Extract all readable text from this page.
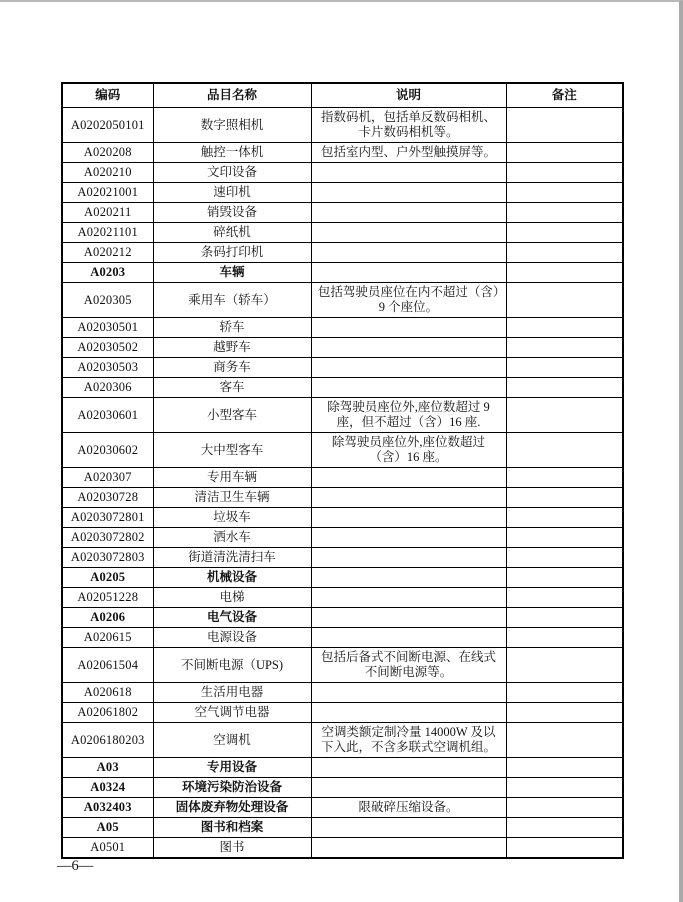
编码	品目名称	说明	备注
A0202050101	数字照相机	指数码机，包括单反数码相机、卡片数码相机等。	
A020208	触控一体机	包括室内型、户外型触摸屏等。	
A020210	文印设备		
A02021001	速印机		
A020211	销毁设备		
A02021101	碎纸机		
A020212	条码打印机		
A0203	车辆		
A020305	乘用车（轿车）	包括驾驶员座位在内不超过（含）9 个座位。	
A02030501	轿车		
A02030502	越野车		
A02030503	商务车		
A020306	客车		
A02030601	小型客车	除驾驶员座位外,座位数超过 9 座，但不超过（含）16 座.	
A02030602	大中型客车	除驾驶员座位外,座位数超过（含）16 座。	
A020307	专用车辆		
A02030728	清洁卫生车辆		
A0203072801	垃圾车		
A0203072802	洒水车		
A0203072803	街道清洗清扫车		
A0205	机械设备		
A02051228	电梯		
A0206	电气设备		
A020615	电源设备		
A02061504	不间断电源（UPS)	包括后备式不间断电源、在线式不间断电源等。	
A020618	生活用电器		
A02061802	空气调节电器		
A0206180203	空调机	空调类额定制冷量 14000W 及以下入此，不含多联式空调机组。	
A03	专用设备		
A0324	环境污染防治设备		
A032403	固体废弃物处理设备	限破碎压缩设备。	
A05	图书和档案		
A0501	图书		
—6—
